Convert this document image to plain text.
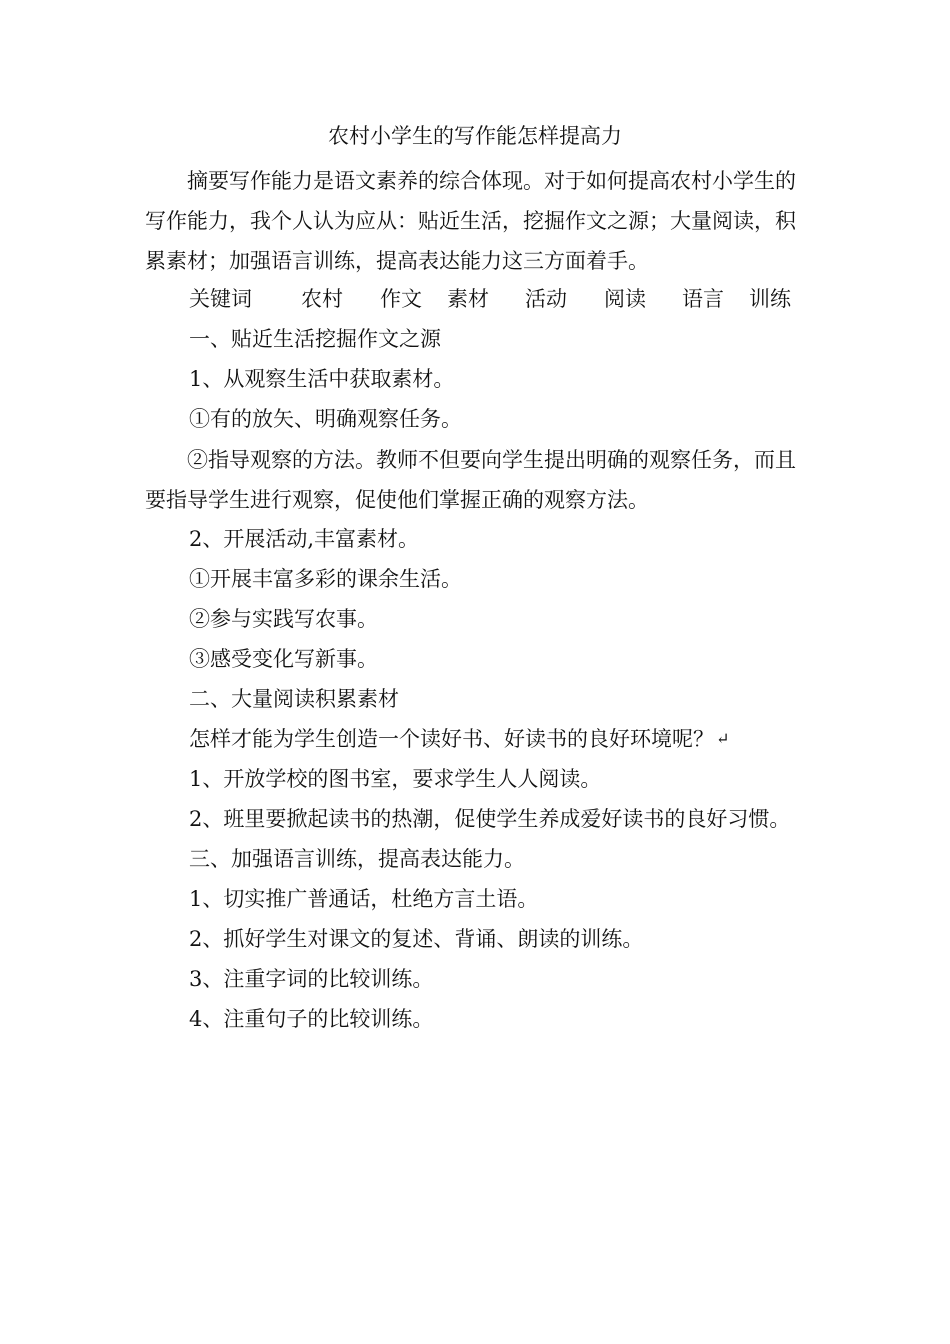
农村小学生的写作能怎样提高力

摘要写作能力是语文素养的综合体现。对于如何提高农村小学生的写作能力，我个人认为应从：贴近生活，挖掘作文之源；大量阅读，积累素材；加强语言训练，提高表达能力这三方面着手。

关键词 农村 作文 素材 活动 阅读 语言 训练
一、贴近生活挖掘作文之源
1、从观察生活中获取素材。
①有的放矢、明确观察任务。

②指导观察的方法。教师不但要向学生提出明确的观察任务，而且要指导学生进行观察，促使他们掌握正确的观察方法。

2、开展活动,丰富素材。
①开展丰富多彩的课余生活。
②参与实践写农事。
③感受变化写新事。
二、大量阅读积累素材
怎样才能为学生创造一个读好书、好读书的良好环境呢？ ↵
1、开放学校的图书室，要求学生人人阅读。
2、班里要掀起读书的热潮，促使学生养成爱好读书的良好习惯。
三、加强语言训练，提高表达能力。
1、切实推广普通话，杜绝方言土语。
2、抓好学生对课文的复述、背诵、朗读的训练。
3、注重字词的比较训练。
4、注重句子的比较训练。
